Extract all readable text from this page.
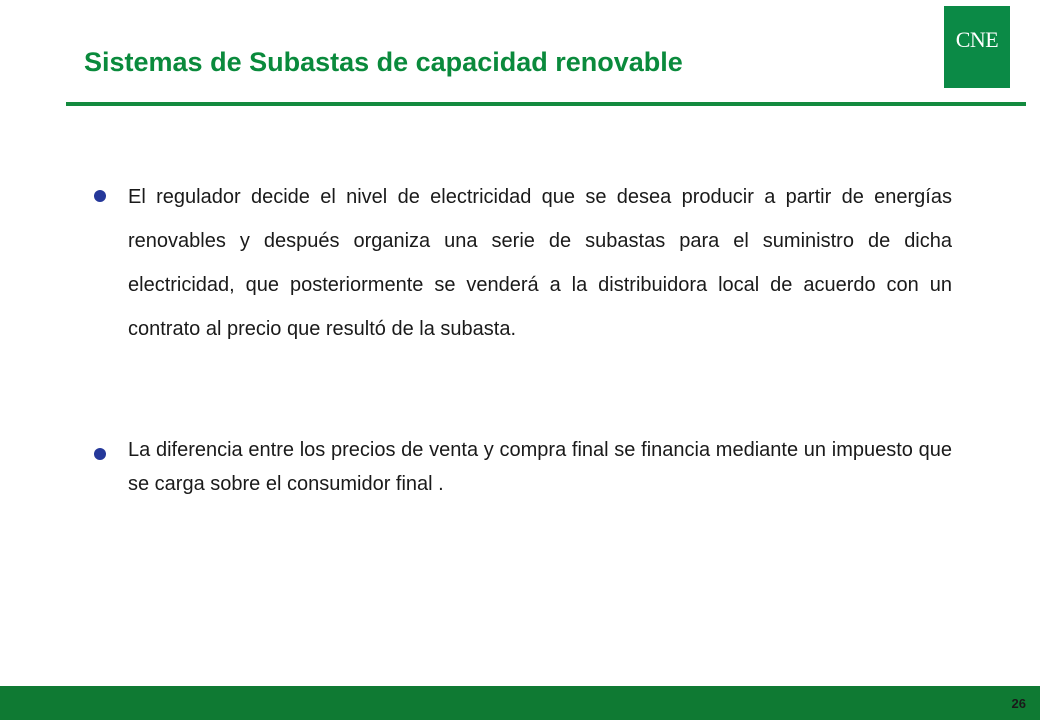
Sistemas de Subastas de capacidad renovable
CNE
El regulador decide el nivel de electricidad que se desea producir a partir de energías renovables y después organiza una serie de subastas para el suministro de dicha electricidad, que posteriormente se venderá a la distribuidora local de acuerdo con un contrato al precio que resultó de la subasta.
La diferencia entre los precios de venta y compra final se financia mediante un impuesto que se carga sobre el consumidor final .
26
